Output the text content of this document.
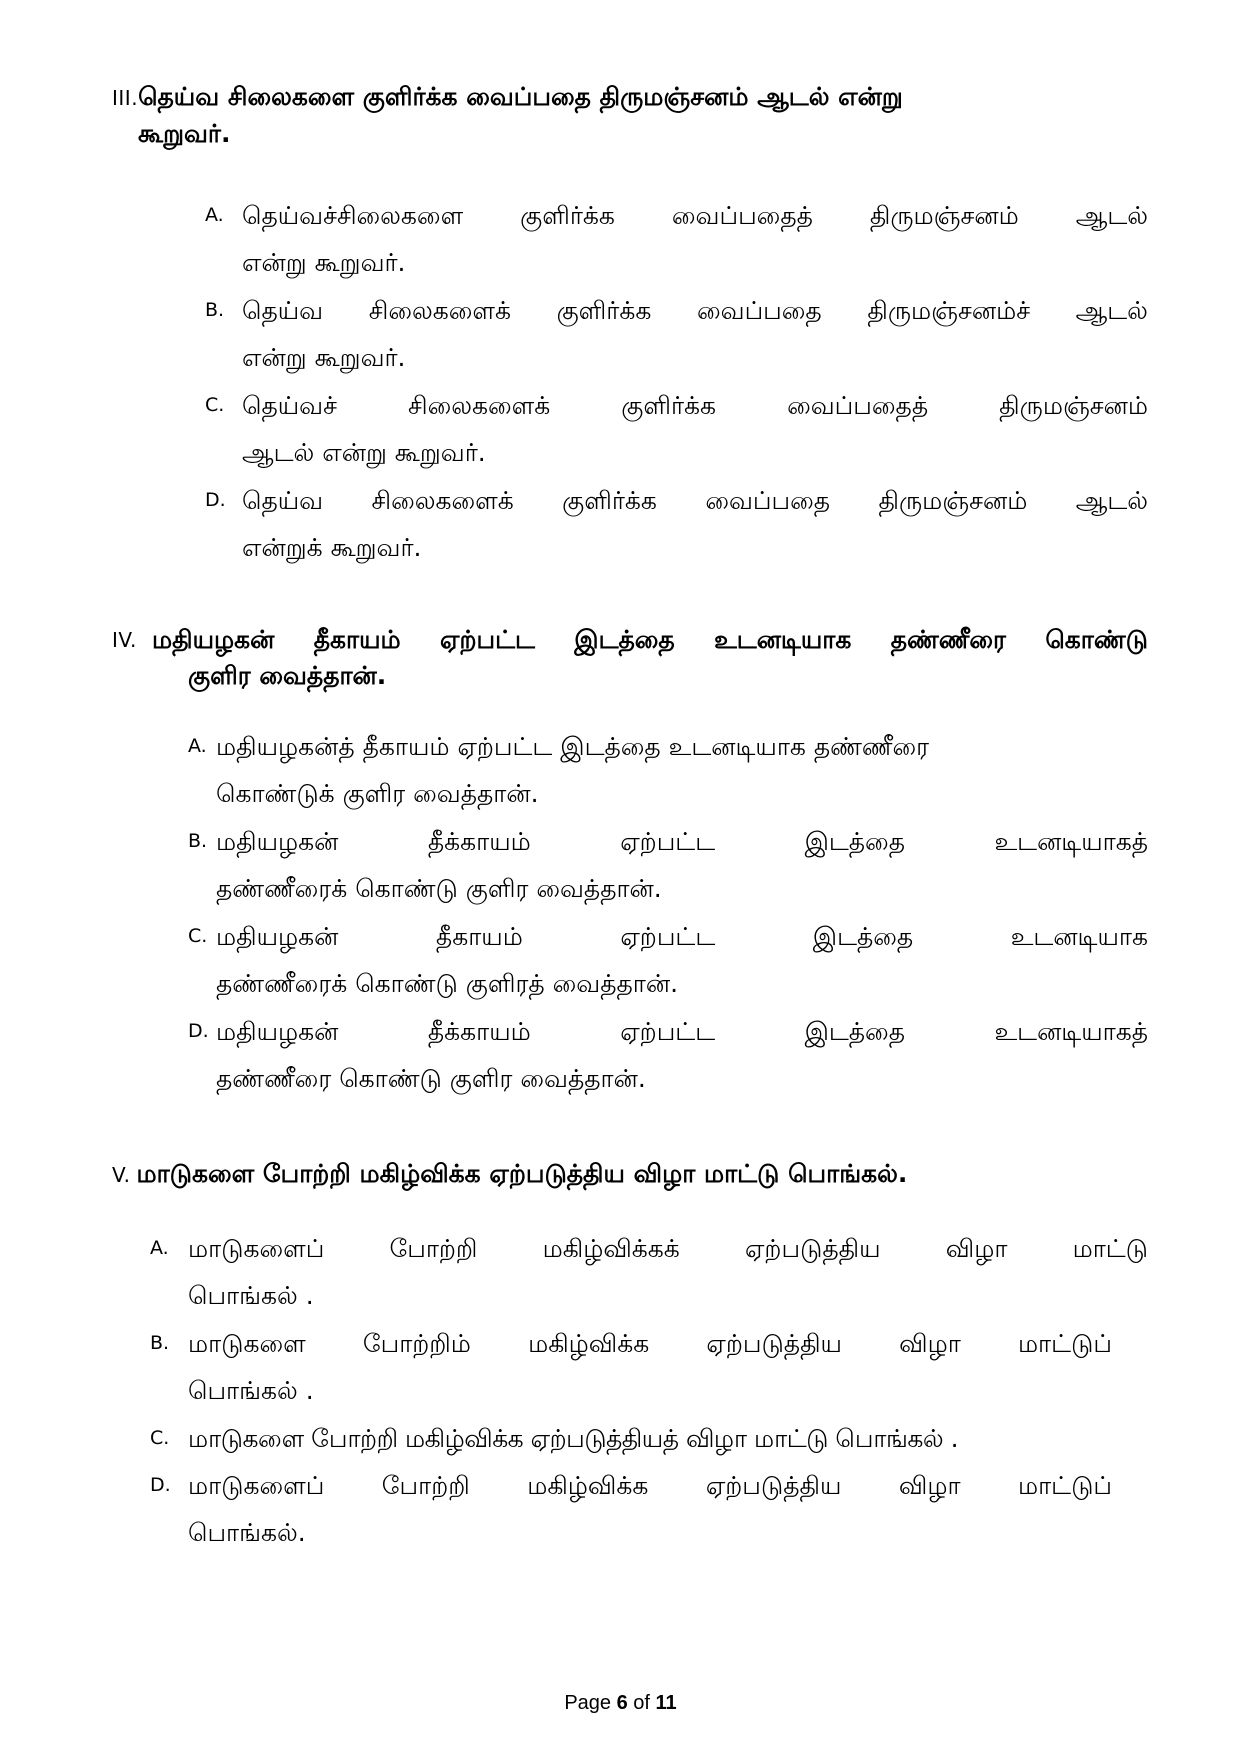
III.தெய்வ சிலைகளை குளிர்க்க வைப்பதை திருமஞ்சனம் ஆடல் என்று
கூறுவர்.
A. தெய்வச்சிலைகளை குளிர்க்க வைப்பதைத் திருமஞ்சனம் ஆடல்
என்று கூறுவர்.
B. தெய்வ சிலைகளைக் குளிர்க்க வைப்பதை திருமஞ்சனம்ச் ஆடல்
என்று கூறுவர்.
C. தெய்வச்	சிலைகளைக்	குளிர்க்க	வைப்பதைத்	திருமஞ்சனம்
ஆடல் என்று கூறுவர்.
D. தெய்வ சிலைகளைக் குளிர்க்க வைப்பதை திருமஞ்சனம் ஆடல்
என்றுக் கூறுவர்.
IV. மதியழகன் தீகாயம் ஏற்பட்ட இடத்தை உடனடியாக தண்ணீரை கொண்டு
குளிர வைத்தான்.
A. மதியழகன்த் தீகாயம் ஏற்பட்ட இடத்தை உடனடியாக தண்ணீரை
கொண்டுக் குளிர வைத்தான்.
B. மதியழகன்	தீக்காயம்	ஏற்பட்ட	இடத்தை	உடனடியாகத்
தண்ணீரைக் கொண்டு குளிர வைத்தான்.
C. மதியழகன்	தீகாயம்	ஏற்பட்ட	இடத்தை	உடனடியாக
தண்ணீரைக் கொண்டு குளிரத் வைத்தான்.
D. மதியழகன்	தீக்காயம்	ஏற்பட்ட	இடத்தை	உடனடியாகத்
தண்ணீரை கொண்டு குளிர வைத்தான்.
V. மாடுகளை போற்றி மகிழ்விக்க ஏற்படுத்திய விழா மாட்டு பொங்கல்.
A. மாடுகளைப்	போற்றி	மகிழ்விக்கக்	ஏற்படுத்திய	விழா	மாட்டு
பொங்கல் .
B. மாடுகளை போற்றிம் மகிழ்விக்க ஏற்படுத்திய விழா மாட்டுப்
பொங்கல் .
C. மாடுகளை போற்றி மகிழ்விக்க ஏற்படுத்தியத் விழா மாட்டு பொங்கல் .
D. மாடுகளைப் போற்றி மகிழ்விக்க ஏற்படுத்திய விழா மாட்டுப்
பொங்கல்.
Page 6 of 11
